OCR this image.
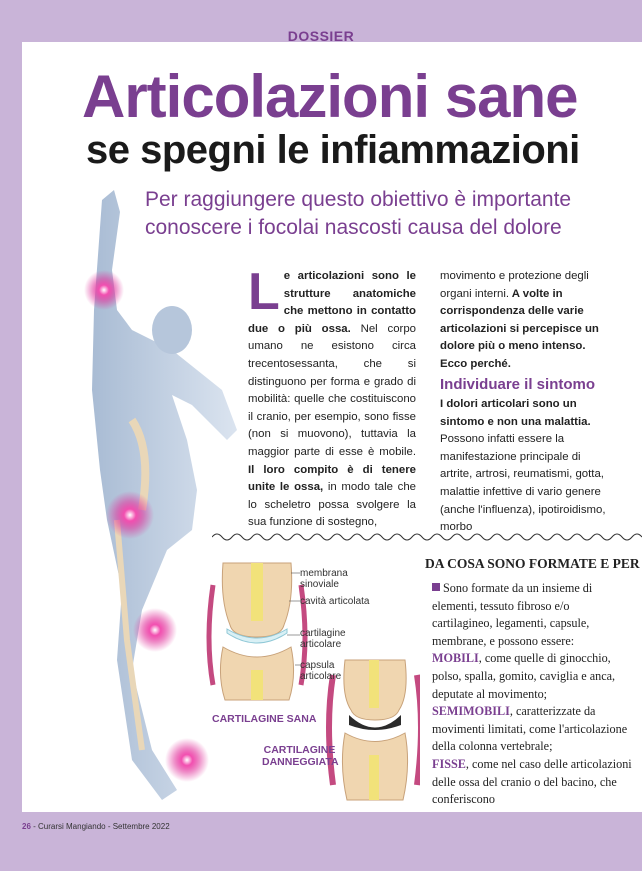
DOSSIER
Articolazioni sane
se spegni le infiammazioni
Per raggiungere questo obiettivo è importante conoscere i focolai nascosti causa del dolore
L e articolazioni sono le strutture anatomiche che mettono in contatto due o più ossa. Nel corpo umano ne esistono circa trecentosessanta, che si distinguono per forma e grado di mobilità: quelle che costituiscono il cranio, per esempio, sono fisse (non si muovono), tuttavia la maggior parte di esse è mobile. Il loro compito è di tenere unite le ossa, in modo tale che lo scheletro possa svolgere la sua funzione di sostegno,
movimento e protezione degli organi interni. A volte in corrispondenza delle varie articolazioni si percepisce un dolore più o meno intenso. Ecco perché.
Individuare il sintomo
I dolori articolari sono un sintomo e non una malattia. Possono infatti essere la manifestazione principale di artrite, artrosi, reumatismi, gotta, malattie infettive di vario genere (anche l'influenza), ipotiroidismo, morbo
membrana sinoviale
cavità articolata
cartilagine articolare
capsula articolare
CARTILAGINE SANA
CARTILAGINE DANNEGGIATA
DA COSA SONO FORMATE E PER
Sono formate da un insieme di elementi, tessuto fibroso e/o cartilagineo, legamenti, capsule, membrane, e possono essere:
MOBILI, come quelle di ginocchio, polso, spalla, gomito, caviglia e anca, deputate al movimento;
SEMIMOBILI, caratterizzate da movimenti limitati, come l'articolazione della colonna vertebrale;
FISSE, come nel caso delle articolazioni delle ossa del cranio o del bacino, che conferiscono
26 - Curarsi Mangiando - Settembre 2022
